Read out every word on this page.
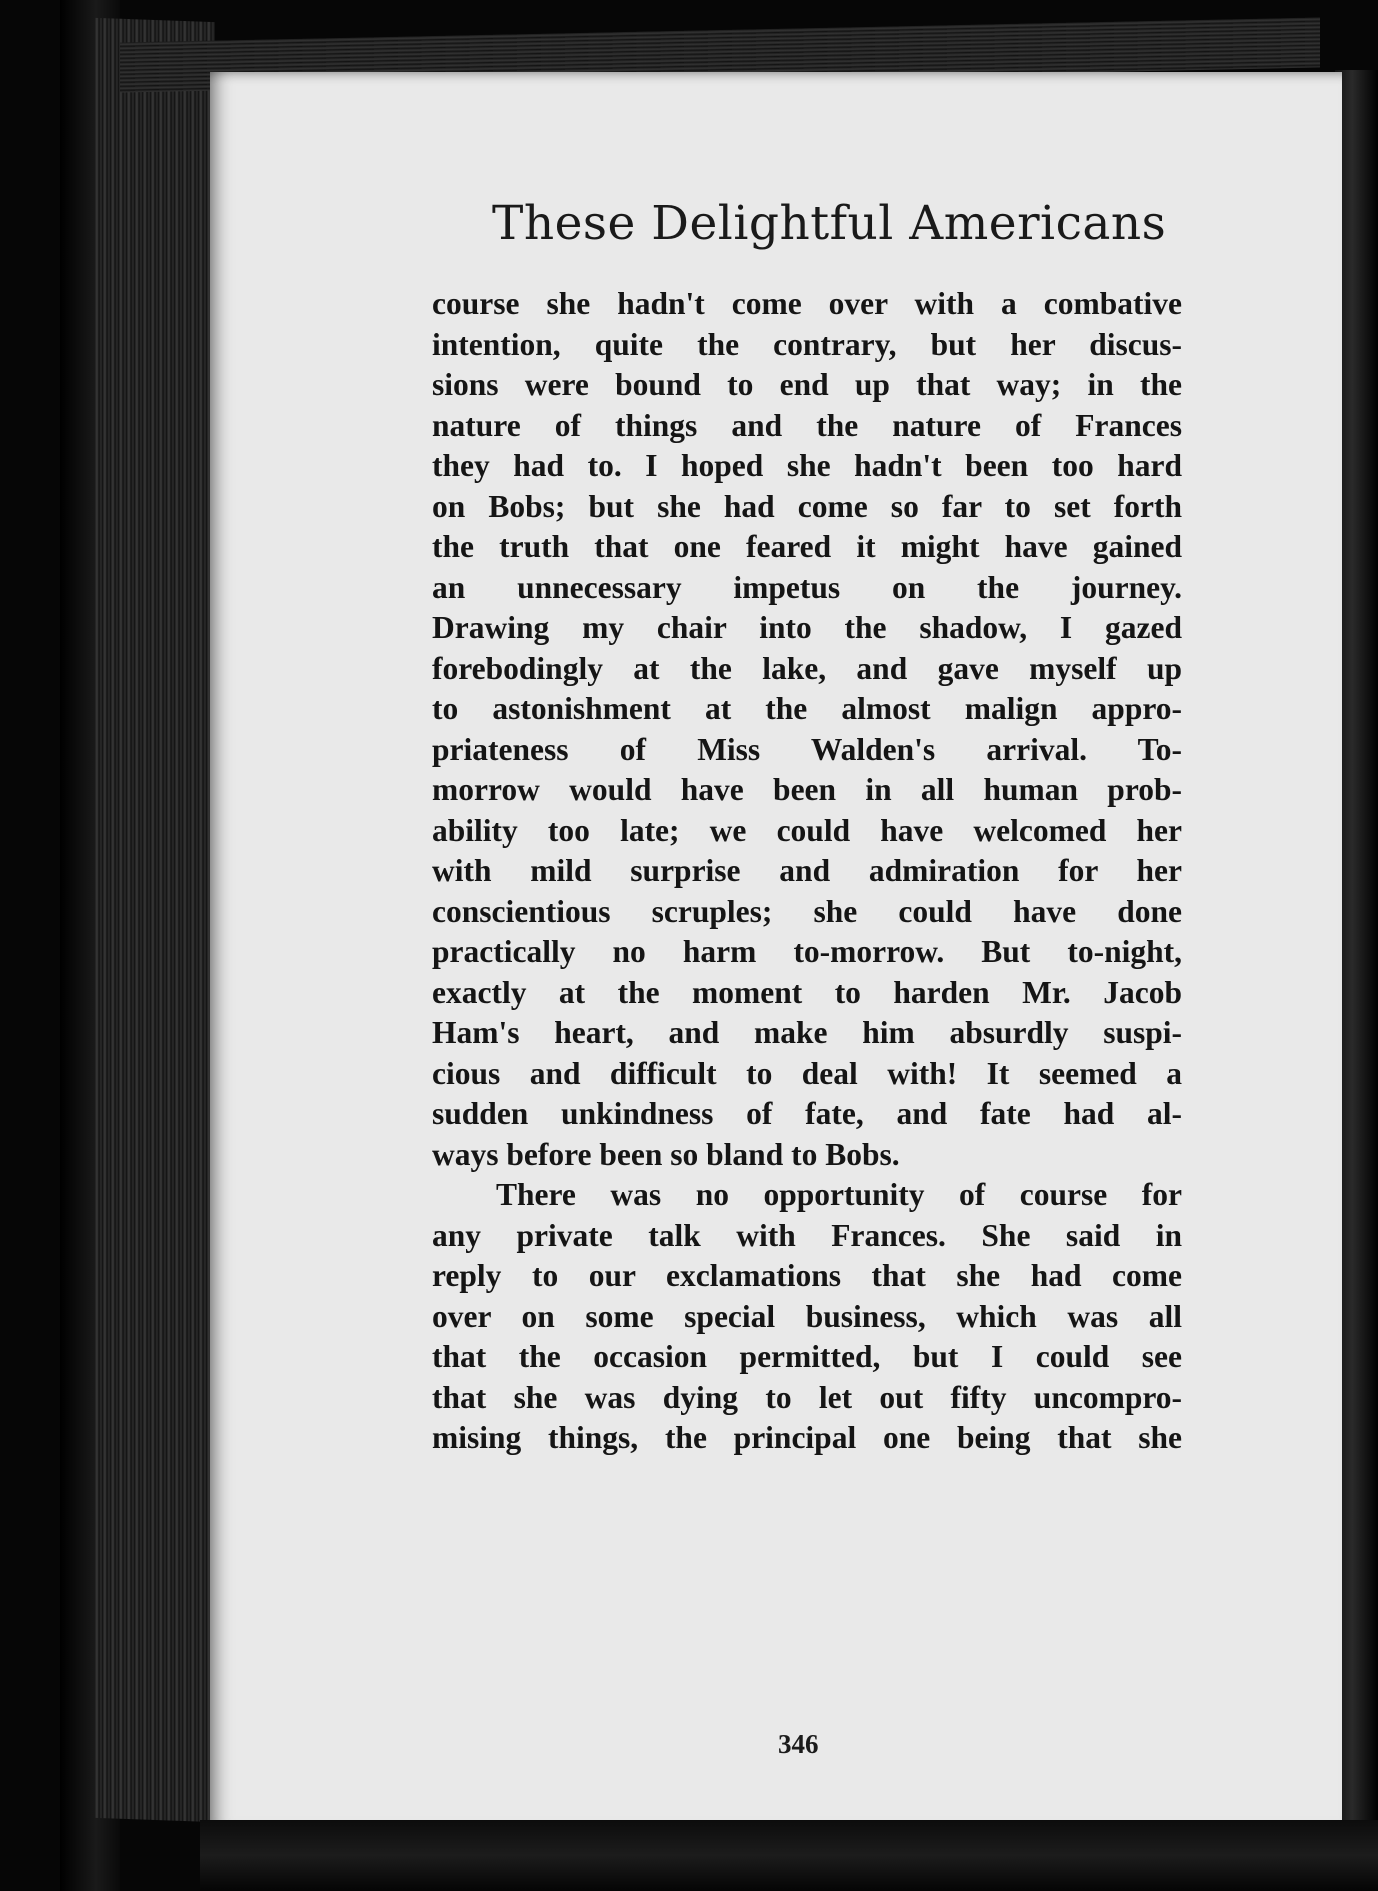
These Delightful Americans
course she hadn't come over with a combative
intention, quite the contrary, but her discus-
sions were bound to end up that way; in the
nature of things and the nature of Frances
they had to. I hoped she hadn't been too hard
on Bobs; but she had come so far to set forth
the truth that one feared it might have gained
an unnecessary impetus on the journey.
Drawing my chair into the shadow, I gazed
forebodingly at the lake, and gave myself up
to astonishment at the almost malign appro-
priateness of Miss Walden's arrival. To-
morrow would have been in all human prob-
ability too late; we could have welcomed her
with mild surprise and admiration for her
conscientious scruples; she could have done
practically no harm to-morrow. But to-night,
exactly at the moment to harden Mr. Jacob
Ham's heart, and make him absurdly suspi-
cious and difficult to deal with! It seemed a
sudden unkindness of fate, and fate had al-
ways before been so bland to Bobs.
There was no opportunity of course for
any private talk with Frances. She said in
reply to our exclamations that she had come
over on some special business, which was all
that the occasion permitted, but I could see
that she was dying to let out fifty uncompro-
mising things, the principal one being that she
346
